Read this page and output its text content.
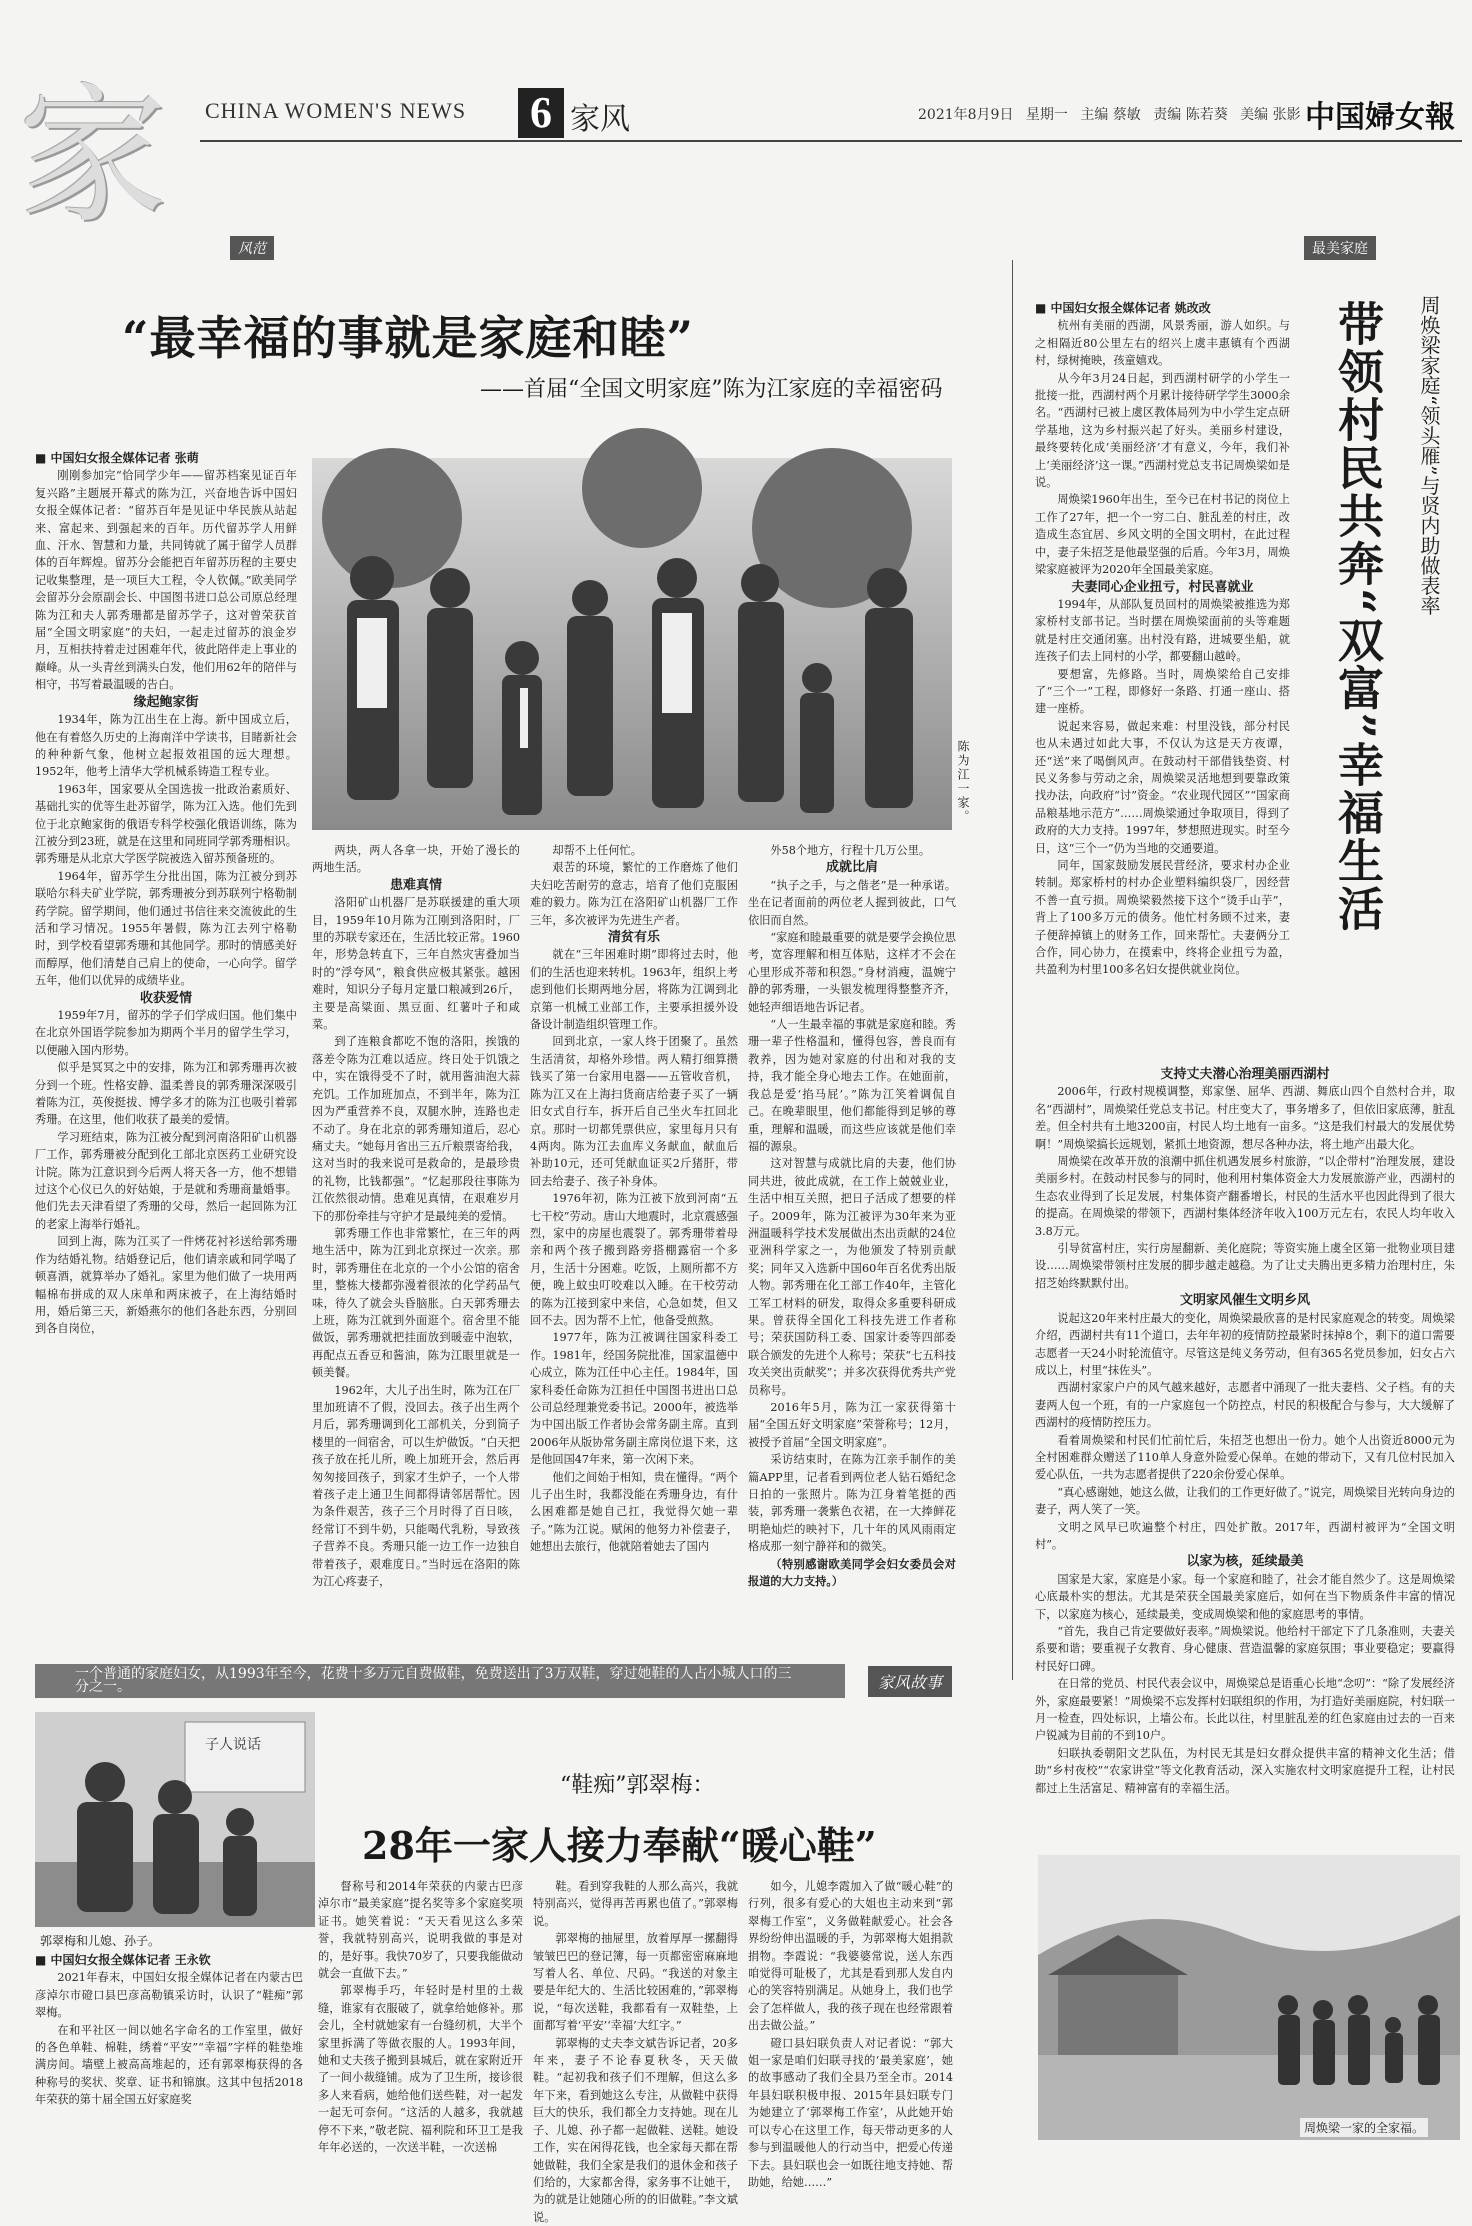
家	CHINA WOMEN'S NEWS 6 家风	2021年8月9日 星期一 主编 蔡敏 责编 陈若葵 美编 张影 中国婦女報
风范
“最幸福的事就是家庭和睦”
——首届“全国文明家庭”陈为江家庭的幸福密码
陈为江一家。

■ 中国妇女报全媒体记者 张萌

刚刚参加完“恰同学少年——留苏档案见证百年复兴路”主题展开幕式的陈为江，兴奋地告诉中国妇女报全媒体记者：“留苏百年是见证中华民族从站起来、富起来、到强起来的百年。历代留苏学人用鲜血、汗水、智慧和力量，共同铸就了属于留学人员群体的百年辉煌。留苏分会能把百年留苏历程的主要史记收集整理，是一项巨大工程，令人钦佩。”欧美同学会留苏分会原副会长、中国图书进口总公司原总经理陈为江和夫人郭秀珊都是留苏学子，这对曾荣获首届“全国文明家庭”的夫妇，一起走过留苏的浪金岁月，互相扶持着走过困难年代，彼此陪伴走上事业的巅峰。从一头青丝到满头白发，他们用62年的陪伴与相守，书写着最温暖的告白。

缘起鲍家街

1934年，陈为江出生在上海。新中国成立后，他在有着悠久历史的上海南洋中学读书，目睹新社会的种种新气象，他树立起报效祖国的远大理想。1952年，他考上清华大学机械系铸造工程专业。

1963年，国家要从全国选拔一批政治素质好、基础扎实的优等生赴苏留学，陈为江入选。他们先到位于北京鲍家街的俄语专科学校强化俄语训练，陈为江被分到23班，就是在这里和同班同学郭秀珊相识。郭秀珊是从北京大学医学院被选入留苏预备班的。

1964年，留苏学生分批出国，陈为江被分到苏联哈尔科夫矿业学院，郭秀珊被分到苏联列宁格勒制药学院。留学期间，他们通过书信往来交流彼此的生活和学习情况。1955年暑假，陈为江去列宁格勒时，到学校看望郭秀珊和其他同学。那时的情感美好而醇厚，他们清楚自己肩上的使命，一心向学。留学五年，他们以优异的成绩毕业。

收获爱情

1959年7月，留苏的学子们学成归国。他们集中在北京外国语学院参加为期两个半月的留学生学习，以便融入国内形势。

似乎是冥冥之中的安排，陈为江和郭秀珊再次被分到一个班。性格安静、温柔善良的郭秀珊深深吸引着陈为江，英俊挺拔、博学多才的陈为江也吸引着郭秀珊。在这里，他们收获了最美的爱情。

学习班结束，陈为江被分配到河南洛阳矿山机器厂工作，郭秀珊被分配到化工部北京医药工业研究设计院。陈为江意识到今后两人将天各一方，他不想错过这个心仪已久的好姑娘，于是就和秀珊商量婚事。他们先去天津看望了秀珊的父母，然后一起回陈为江的老家上海举行婚礼。

回到上海，陈为江买了一件烤花衬衫送给郭秀珊作为结婚礼物。结婚登记后，他们请亲戚和同学喝了顿喜酒，就算举办了婚礼。家里为他们做了一块用两幅棉布拼成的双人床单和两床被子，在上海结婚时用，婚后第三天，新婚燕尔的他们各赴东西，分别回到各自岗位，

两块，两人各拿一块，开始了漫长的两地生活。

患难真情

洛阳矿山机器厂是苏联援建的重大项目，1959年10月陈为江刚到洛阳时，厂里的苏联专家还在，生活比较正常。1960年，形势急转直下，三年自然灾害叠加当时的“浮夸风”，粮食供应极其紧张。越困难时，知识分子每月定量口粮减到26斤，主要是高粱面、黑豆面、红薯叶子和咸菜。

到了连粮食都吃不饱的洛阳，挨饿的落差令陈为江难以适应。终日处于饥饿之中，实在饿得受不了时，就用酱油泡大蒜充饥。工作加班加点，不到半年，陈为江因为严重营养不良，双腿水肿，连路也走不动了。身在北京的郭秀珊知道后，忍心痛丈夫。“她每月省出三五斤粮票寄给我，这对当时的我来说可是救命的，是最珍贵的礼物，比钱都强”。“忆起那段往事陈为江依然很动情。患难见真情，在艰难岁月下的那份牵挂与守护才是最纯美的爱情。

郭秀珊工作也非常繁忙，在三年的两地生活中，陈为江到北京探过一次亲。那时，郭秀珊住在北京的一个小公馆的宿舍里，整栋大楼都弥漫着很浓的化学药品气味，待久了就会头昏脑胀。白天郭秀珊去上班，陈为江就到外面逛个。宿舍里不能做饭，郭秀珊就把挂面放到暖壶中泡软，再配点五香豆和酱油，陈为江眼里就是一顿美餐。

1962年，大儿子出生时，陈为江在厂里加班请不了假，没回去。孩子出生两个月后，郭秀珊调到化工部机关，分到筒子楼里的一间宿舍，可以生炉做饭。“白天把孩子放在托儿所，晚上加班开会，然后再匆匆接回孩子，到家才生炉子，一个人带着孩子走上通卫生间都得请邻居帮忙。因为条件艰苦，孩子三个月时得了百日咳，经常订不到牛奶，只能喝代乳粉，导致孩子营养不良。秀珊只能一边工作一边独自带着孩子，艰难度日。”当时远在洛阳的陈为江心疼妻子，

却帮不上任何忙。

艰苦的环境，繁忙的工作磨炼了他们夫妇吃苦耐劳的意志，培育了他们克服困难的毅力。陈为江在洛阳矿山机器厂工作三年，多次被评为先进生产者。

清贫有乐

就在“三年困难时期”即将过去时，他们的生活也迎来转机。1963年，组织上考虑到他们长期两地分居，将陈为江调到北京第一机械工业部工作，主要承担援外设备设计制造组织管理工作。

回到北京，一家人终于团聚了。虽然生活清贫，却格外珍惜。两人精打细算攒钱买了第一台家用电器——五管收音机，陈为江又在上海扫货商店给妻子买了一辆旧女式自行车，拆开后自己坐火车扛回北京。那时一切都凭票供应，家里每月只有4两肉。陈为江去血库义务献血，献血后补助10元，还可凭献血证买2斤猪肝，带回去给妻子、孩子补身体。

1976年初，陈为江被下放到河南“五七干校”劳动。唐山大地震时，北京震感强烈，家中的房屋也震裂了。郭秀珊带着母亲和两个孩子搬到路旁搭棚露宿一个多月，生活十分困难。吃饭，上厕所都不方便，晚上蚊虫叮咬难以入睡。在干校劳动的陈为江接到家中来信，心急如焚，但又回不去。因为帮不上忙，他备受煎熬。

1977年，陈为江被调往国家科委工作。1981年，经国务院批准，国家温德中心成立，陈为江任中心主任。1984年，国家科委任命陈为江担任中国图书进出口总公司总经理兼党委书记。2000年，被选举为中国出版工作者协会常务副主席。直到2006年从版协常务副主席岗位退下来，这是他回国47年来，第一次闲下来。

他们之间始于相知，贵在懂得。“两个儿子出生时，我都没能在秀珊身边，有什么困难都是她自己扛，我觉得欠她一辈子。”陈为江说。赋闲的他努力补偿妻子，她想出去旅行，他就陪着她去了国内

外58个地方，行程十几万公里。

成就比肩

“执子之手，与之偕老”是一种承诺。坐在记者面前的两位老人握到彼此，口气依旧而自然。

“家庭和睦最重要的就是要学会换位思考，宽容理解和相互体贴，这样才不会在心里形成芥蒂和积怨。”身材消瘦，温婉宁静的郭秀珊，一头银发梳理得整整齐齐，她轻声细语地告诉记者。

“人一生最幸福的事就是家庭和睦。秀珊一辈子性格温和，懂得包容，善良而有教养，因为她对家庭的付出和对我的支持，我才能全身心地去工作。在她面前，我总是爱‘掐马屁’。”陈为江笑着调侃自己。在晚辈眼里，他们都能得到足够的尊重，理解和温暖，而这些应该就是他们幸福的源泉。

这对智慧与成就比肩的夫妻，他们协同共进，彼此成就，在工作上兢兢业业，生活中相互关照，把日子活成了想要的样子。2009年，陈为江被评为30年来为亚洲温暖科学技术发展做出杰出贡献的24位亚洲科学家之一，为他颁发了特别贡献奖；同年又入选新中国60年百名优秀出版人物。郭秀珊在化工部工作40年，主管化工军工材料的研发，取得众多重要科研成果。曾获得全国化工科技先进工作者称号；荣获国防科工委、国家计委等四部委联合颁发的先进个人称号；荣获“七五科技攻关突出贡献奖”；并多次获得优秀共产党员称号。

2016年5月，陈为江一家获得第十届“全国五好文明家庭”荣誉称号；12月，被授予首届“全国文明家庭”。

采访结束时，在陈为江亲手制作的美篇APP里，记者看到两位老人钻石婚纪念日拍的一张照片。陈为江身着笔挺的西装，郭秀珊一袭紫色衣裙，在一大捧鲜花明艳灿烂的映衬下，几十年的风风雨雨定格成那一刻宁静祥和的微笑。

（特别感谢欧美同学会妇女委员会对报道的大力支持。）

最美家庭
周焕梁家庭“领头雁”与贤内助做表率
带领村民共奔“双富”幸福生活

■ 中国妇女报全媒体记者 姚改改

杭州有美丽的西湖，风景秀丽，游人如织。与之相隔近80公里左右的绍兴上虞丰惠镇有个西湖村，绿树掩映，孩童嬉戏。

从今年3月24日起，到西湖村研学的小学生一批接一批，西湖村两个月累计接待研学学生3000余名。“西湖村已被上虞区教体局列为中小学生定点研学基地，这为乡村振兴起了好头。美丽乡村建设，最终要转化成‘美丽经济’才有意义，今年，我们补上‘美丽经济’这一课。”西湖村党总支书记周焕梁如是说。

周焕梁1960年出生，至今已在村书记的岗位上工作了27年，把一个一穷二白、脏乱差的村庄，改造成生态宜居、乡风文明的全国文明村，在此过程中，妻子朱招芝是他最坚强的后盾。今年3月，周焕梁家庭被评为2020年全国最美家庭。

夫妻同心企业扭亏，村民喜就业

1994年，从部队复员回村的周焕梁被推选为郑家桥村支部书记。当时摆在周焕梁面前的头等难题就是村庄交通闭塞。出村没有路，进城要坐船，就连孩子们去上同村的小学，都要翻山越岭。

要想富，先修路。当时，周焕梁给自己安排了“三个一”工程，即修好一条路、打通一座山、搭建一座桥。

说起来容易，做起来难：村里没钱，部分村民也从未遇过如此大事，不仅认为这是天方夜谭，还“送”来了喝倒风声。在鼓动村干部借钱垫资、村民义务参与劳动之余，周焕梁灵活地想到要靠政策找办法，向政府“讨”资金。“农业现代园区”“国家商品粮基地示范方”……周焕梁通过争取项目，得到了政府的大力支持。1997年，梦想照进现实。时至今日，这“三个一”仍为当地的交通要道。

同年，国家鼓励发展民营经济，要求村办企业转制。郑家桥村的村办企业塑料编织袋厂，因经营不善一直亏损。周焕梁毅然接下这个“烫手山芋”，背上了100多万元的债务。他忙村务顾不过来，妻子便辞掉镇上的财务工作，回来帮忙。夫妻俩分工合作，同心协力，在摸索中，终将企业扭亏为盈，共盈利为村里100多名妇女提供就业岗位。

支持丈夫潜心治理美丽西湖村

2006年，行政村规模调整，郑家堡、屈华、西湖、舞底山四个自然村合并，取名“西湖村”，周焕梁任党总支书记。村庄变大了，事务增多了，但依旧家底薄，脏乱差。但全村共有土地3200亩，村民人均土地有一亩多。“这是我们村最大的发展优势啊！”周焕梁搞长远规划，紧抓土地资源，想尽各种办法，将土地产出最大化。

周焕梁在改革开放的浪潮中抓住机遇发展乡村旅游，“以企带村”治理发展，建设美丽乡村。在鼓动村民参与的同时，他利用村集体资金大力发展旅游产业，西湖村的生态农业得到了长足发展，村集体资产翻番增长，村民的生活水平也因此得到了很大的提高。在周焕梁的带领下，西湖村集体经济年收入100万元左右，农民人均年收入3.8万元。

引导贫富村庄，实行房屋翻新、美化庭院；等资实施上虞全区第一批物业项目建设……周焕梁带领村庄发展的脚步越走越稳。为了让丈夫腾出更多精力治理村庄，朱招芝始终默默付出。

文明家风催生文明乡风

说起这20年来村庄最大的变化，周焕梁最欣喜的是村民家庭观念的转变。周焕梁介绍，西湖村共有11个道口，去年年初的疫情防控最紧时抹掉8个，剩下的道口需要志愿者一天24小时轮流值守。尽管这是纯义务劳动，但有365名党员参加，妇女占六成以上，村里“抹佐头”。

西湖村家家户户的风气越来越好，志愿者中涌现了一批夫妻档、父子档。有的夫妻两人包一个班，有的一户家庭包一个防控点，村民的积极配合与参与，大大缓解了西湖村的疫情防控压力。

看着周焕梁和村民们忙前忙后，朱招芝也想出一份力。她个人出资近8000元为全村困难群众赠送了110单人身意外险爱心保单。在她的带动下，又有几位村民加入爱心队伍，一共为志愿者提供了220余份爱心保单。

“真心感谢她，她这么做，让我们的工作更好做了。”说完，周焕梁目光转向身边的妻子，两人笑了一笑。

文明之风早已吹遍整个村庄，四处扩散。2017年，西湖村被评为“全国文明村”。

以家为核，延续最美

国家是大家，家庭是小家。每一个家庭和睦了，社会才能自然少了。这是周焕梁心底最朴实的想法。尤其是荣获全国最美家庭后，如何在当下物质条件丰富的情况下，以家庭为核心，延续最美，变成周焕梁和他的家庭思考的事情。

“首先，我自己肯定要做好表率。”周焕梁说。他给村干部定下了几条准则，夫妻关系要和谐；要重视子女教育、身心健康、营造温馨的家庭氛围；事业要稳定；要赢得村民好口碑。

在日常的党员、村民代表会议中，周焕梁总是语重心长地“念叨”：“除了发展经济外，家庭最要紧！”周焕梁不忘发挥村妇联组织的作用，为打造好美丽庭院，村妇联一月一检查，四处标识，上墙公布。长此以往，村里脏乱差的红色家庭由过去的一百来户锐减为目前的不到10户。

妇联执委朝阳文艺队伍，为村民无其是妇女群众提供丰富的精神文化生活；借助“乡村夜校”“农家讲堂”等文化教育活动，深入实施农村文明家庭提升工程，让村民都过上生活富足、精神富有的幸福生活。

周焕梁一家的全家福。
一个普通的家庭妇女，从1993年至今，花费十多万元自费做鞋，免费送出了3万双鞋，穿过她鞋的人占小城人口的三分之一。	家风故事
“鞋痴”郭翠梅：
28年一家人接力奉献“暖心鞋”
子人说话
郭翠梅和儿媳、孙子。

■ 中国妇女报全媒体记者 王永钦

2021年春末，中国妇女报全媒体记者在内蒙古巴彦淖尔市磴口县巴彦高勒镇采访时，认识了“鞋痴”郭翠梅。

在和平社区一间以她名字命名的工作室里，做好的各色单鞋、棉鞋，绣着“平安”“幸福”字样的鞋垫堆满房间。墙壁上被高高堆起的，还有郭翠梅获得的各种称号的奖状、奖章、证书和锦旗。这其中包括2018年荣获的第十届全国五好家庭奖

督称号和2014年荣获的内蒙古巴彦淖尔市“最美家庭”提名奖等多个家庭奖项证书。她笑着说：“天天看见这么多荣誉，我就特别高兴，说明我做的事是对的，是好事。我快70岁了，只要我能做动就会一直做下去。”

郭翠梅手巧，年轻时是村里的土裁缝，谁家有衣服破了，就拿给她修补。那会儿，全村就她家有一台缝纫机，大半个家里拆满了等做衣服的人。1993年间，她和丈夫孩子搬到县城后，就在家附近开了一间小裁缝铺。成为了卫生所，接诊很多人来看病，她给他们送些鞋，对一起发一起无可奈何。“这活的人越多，我就越停不下来，”敬老院、福利院和环卫工是我年年必送的，一次送半鞋，一次送棉

鞋。看到穿我鞋的人那么高兴，我就特别高兴，觉得再苦再累也值了。”郭翠梅说。

郭翠梅的抽屉里，放着厚厚一摞翻得皱皱巴巴的登记簿，每一页都密密麻麻地写着人名、单位、尺码。“我送的对象主要是年纪大的、生活比较困难的，”郭翠梅说，“每次送鞋，我都看有一双鞋垫，上面都写着‘平安’‘幸福’大红字。”

郭翠梅的丈夫李文斌告诉记者，20多年来，妻子不论春夏秋冬，天天做鞋。“起初我和孩子们不理解，但这么多年下来，看到她这么专注，从做鞋中获得巨大的快乐，我们都全力支持她。现在儿子、儿媳、孙子都一起做鞋、送鞋。她设工作，实在闲得花钱，也全家每天都在帮她做鞋，我们全家是我们的退休金和孩子们给的，大家都舍得，家务事不让她干，为的就是让她随心所的的旧做鞋。”李文斌说。

如今，儿媳李霞加入了做“暖心鞋”的行列，很多有爱心的大姐也主动来到“郭翠梅工作室”，义务做鞋献爱心。社会各界纷纷伸出温暖的手，为郭翠梅大姐捐款捐物。李霞说：“我婆婆常说，送人东西咱觉得可耻极了，尤其是看到那人发自内心的笑容特别满足。从她身上，我们也学会了怎样做人，我的孩子现在也经常跟着出去做公益。”

磴口县妇联负责人对记者说：“郭大姐一家是咱们妇联寻找的‘最美家庭’，她的故事感动了我们全县乃至全市。2014年县妇联积极申报、2015年县妇联专门为她建立了‘郭翠梅工作室’，从此她开始可以专心在这里工作，每天带动更多的人参与到温暖他人的行动当中，把爱心传递下去。县妇联也会一如既往地支持她、帮助她，给她……”
